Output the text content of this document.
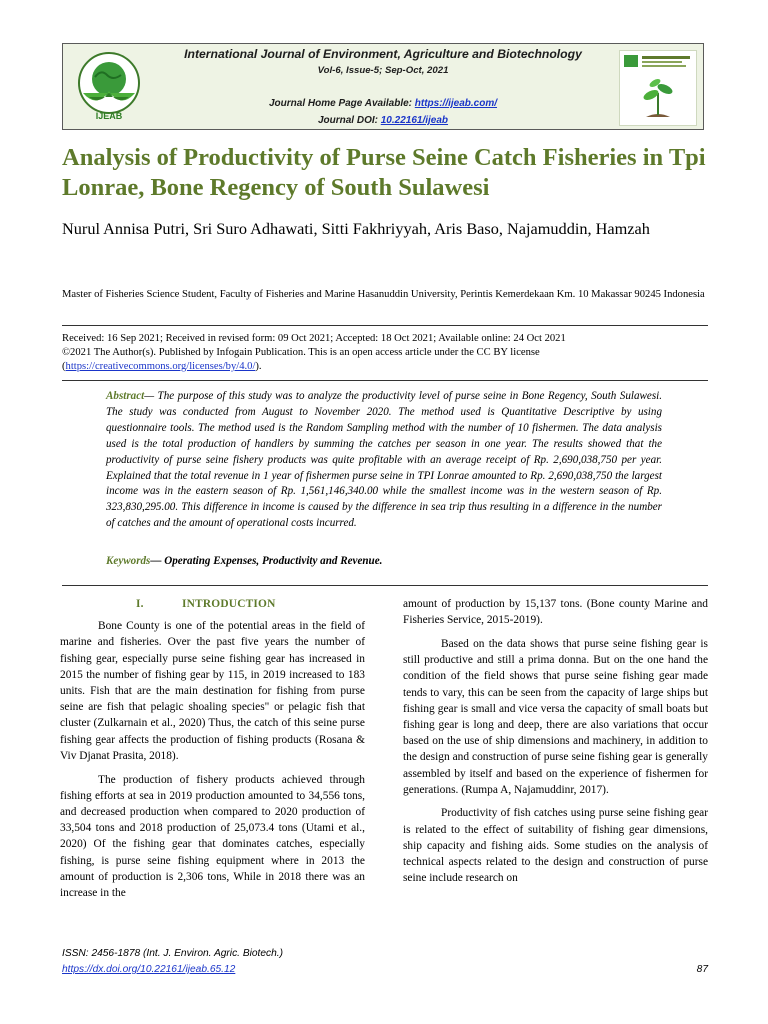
IJEAB
International Journal of Environment, Agriculture and Biotechnology
Vol-6, Issue-5; Sep-Oct, 2021
Journal Home Page Available: https://ijeab.com/
Journal DOI: 10.22161/ijeab
Analysis of Productivity of Purse Seine Catch Fisheries in Tpi Lonrae, Bone Regency of South Sulawesi
Nurul Annisa Putri, Sri Suro Adhawati, Sitti Fakhriyyah, Aris Baso, Najamuddin, Hamzah
Master of Fisheries Science Student, Faculty of Fisheries and Marine Hasanuddin University, Perintis Kemerdekaan Km. 10 Makassar 90245 Indonesia
Received: 16 Sep 2021; Received in revised form: 09 Oct 2021; Accepted: 18 Oct 2021; Available online: 24 Oct 2021
©2021 The Author(s). Published by Infogain Publication. This is an open access article under the CC BY license
(https://creativecommons.org/licenses/by/4.0/).
Abstract— The purpose of this study was to analyze the productivity level of purse seine in Bone Regency, South Sulawesi. The study was conducted from August to November 2020. The method used is Quantitative Descriptive by using questionnaire tools. The method used is the Random Sampling method with the number of 10 fishermen. The data analysis used is the total production of handlers by summing the catches per season in one year. The results showed that the productivity of purse seine fishery products was quite profitable with an average receipt of Rp. 2,690,038,750 per year. Explained that the total revenue in 1 year of fishermen purse seine in TPI Lonrae amounted to Rp. 2,690,038,750 the largest income was in the eastern season of Rp. 1,561,146,340.00 while the smallest income was in the western season of Rp. 323,830,295.00. This difference in income is caused by the difference in sea trip thus resulting in a difference in the number of catches and the amount of operational costs incurred.
Keywords— Operating Expenses, Productivity and Revenue.
I.	INTRODUCTION

Bone County is one of the potential areas in the field of marine and fisheries. Over the past five years the number of fishing gear, especially purse seine fishing gear has increased in 2015 the number of fishing gear by 115, in 2019 increased to 183 units. Fish that are the main destination for fishing from purse seine are fish that pelagic shoaling species" or pelagic fish that cluster (Zulkarnain et al., 2020) Thus, the catch of this seine purse fishing gear affects the production of fishing products (Rosana & Viv Djanat Prasita, 2018).

The production of fishery products achieved through fishing efforts at sea in 2019 production amounted to 34,556 tons, and decreased production when compared to 2020 production of 33,504 tons and 2018 production of 25,073.4 tons (Utami et al., 2020) Of the fishing gear that dominates catches, especially fishing, is purse seine fishing equipment where in 2013 the amount of production is 2,306 tons, While in 2018 there was an increase in the

amount of production by 15,137 tons. (Bone county Marine and Fisheries Service, 2015-2019).

Based on the data shows that purse seine fishing gear is still productive and still a prima donna. But on the one hand the condition of the field shows that purse seine fishing gear made tends to vary, this can be seen from the capacity of large ships but fishing gear is small and vice versa the capacity of small boats but fishing gear is long and deep, there are also variations that occur based on the use of ship dimensions and machinery, in addition to the design and construction of purse seine fishing gear is generally assembled by itself and based on the experience of fishermen for generations. (Rumpa A, Najamuddinr, 2017).

Productivity of fish catches using purse seine fishing gear is related to the effect of suitability of fishing gear dimensions, ship capacity and fishing aids. Some studies on the analysis of technical aspects related to the design and construction of purse seine include research on

ISSN: 2456-1878 (Int. J. Environ. Agric. Biotech.)
https://dx.doi.org/10.22161/ijeab.65.12	87
